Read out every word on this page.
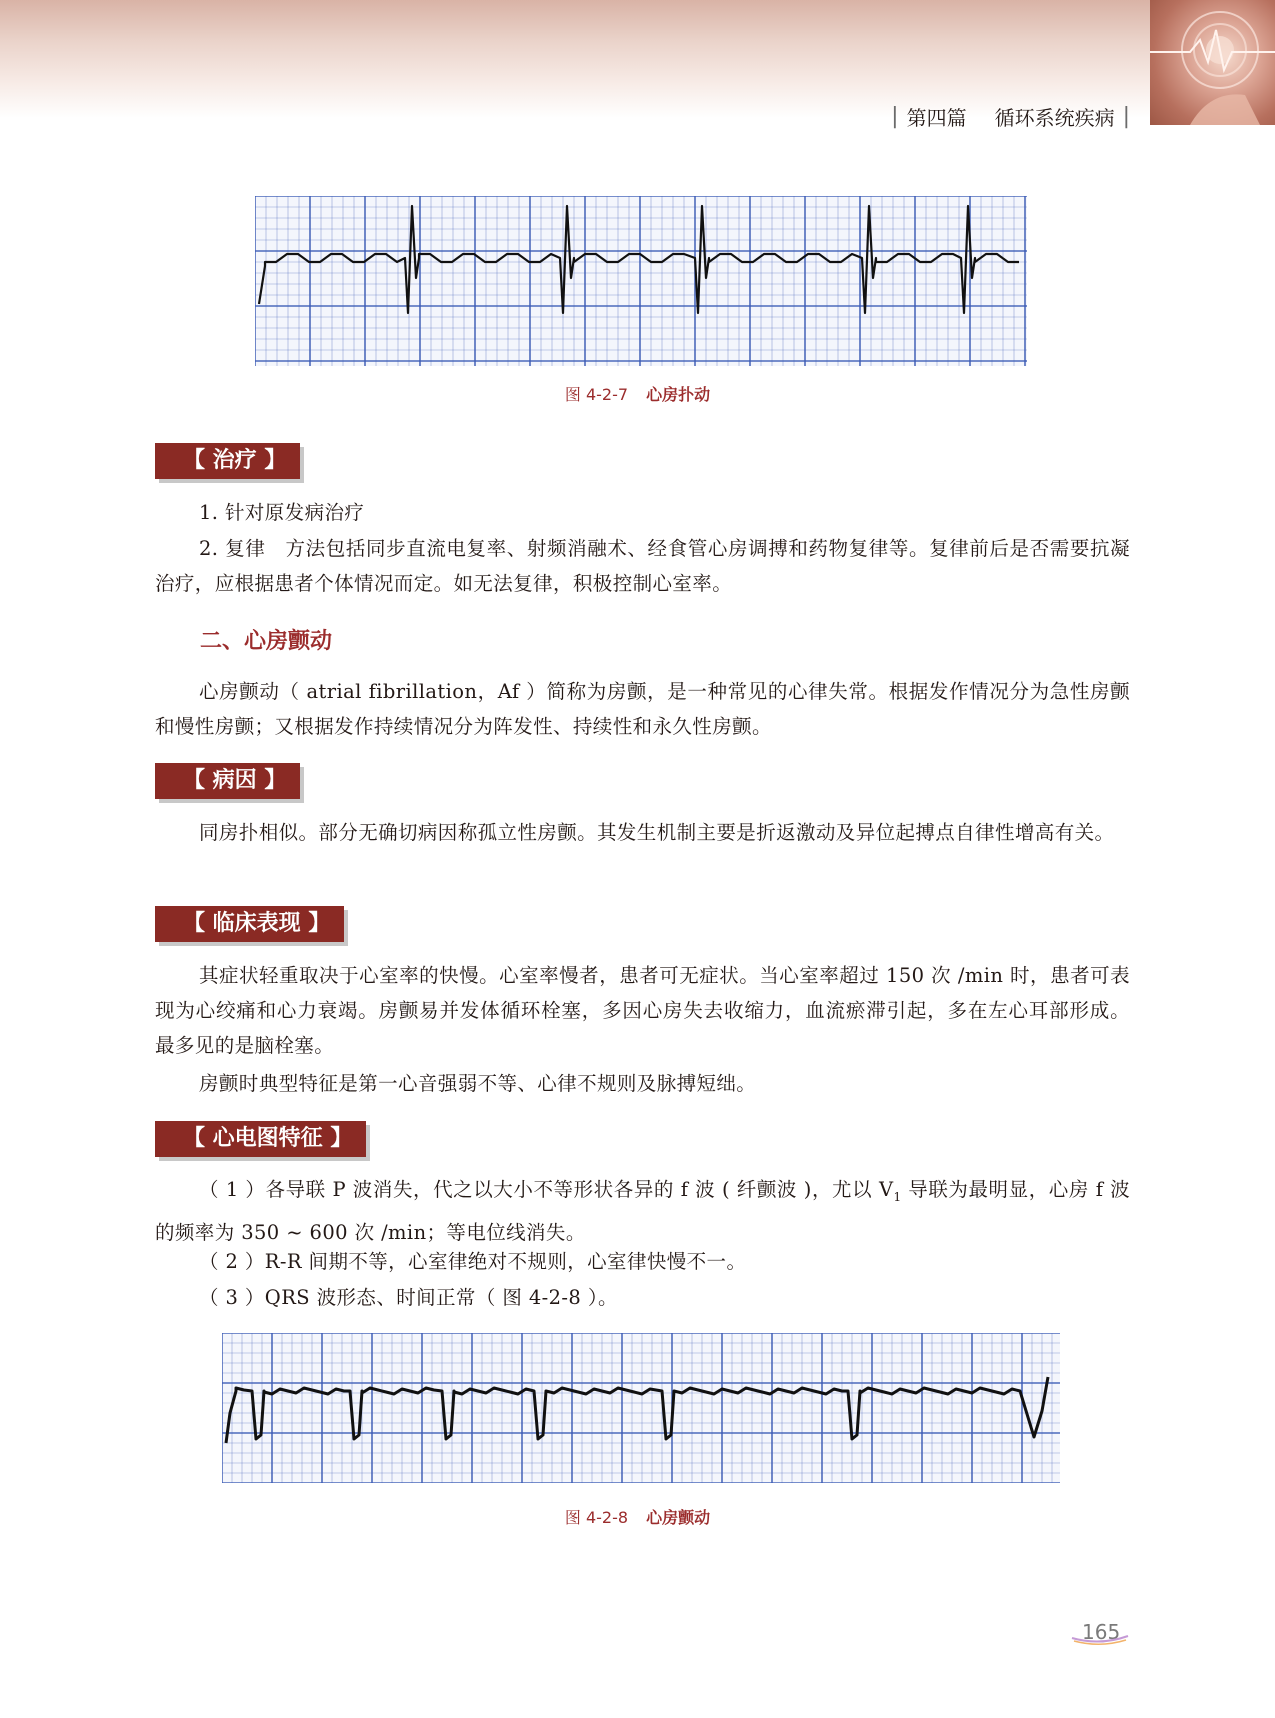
| 第四篇 循环系统疾病 |
图 4-2-7 心房扑动
【 治疗 】

1. 针对原发病治疗

2. 复律　方法包括同步直流电复率、射频消融术、经食管心房调搏和药物复律等。复律前后是否需要抗凝治疗，应根据患者个体情况而定。如无法复律，积极控制心室率。

二、心房颤动

心房颤动（ atrial fibrillation，Af ）简称为房颤，是一种常见的心律失常。根据发作情况分为急性房颤和慢性房颤；又根据发作持续情况分为阵发性、持续性和永久性房颤。

【 病因 】

同房扑相似。部分无确切病因称孤立性房颤。其发生机制主要是折返激动及异位起搏点自律性增高有关。

【 临床表现 】

其症状轻重取决于心室率的快慢。心室率慢者，患者可无症状。当心室率超过 150 次 /min 时，患者可表现为心绞痛和心力衰竭。房颤易并发体循环栓塞，多因心房失去收缩力，血流瘀滞引起，多在左心耳部形成。最多见的是脑栓塞。

房颤时典型特征是第一心音强弱不等、心律不规则及脉搏短绌。

【 心电图特征 】

（ 1 ）各导联 P 波消失，代之以大小不等形状各异的 f 波 ( 纤颤波 )，尤以 $V_1$ 导联为最明显，心房 f 波的频率为 350 ~ 600 次 /min；等电位线消失。

（ 2 ）R-R 间期不等，心室律绝对不规则，心室律快慢不一。

（ 3 ）QRS 波形态、时间正常（ 图 4-2-8 ）。

图 4-2-8 心房颤动
165
